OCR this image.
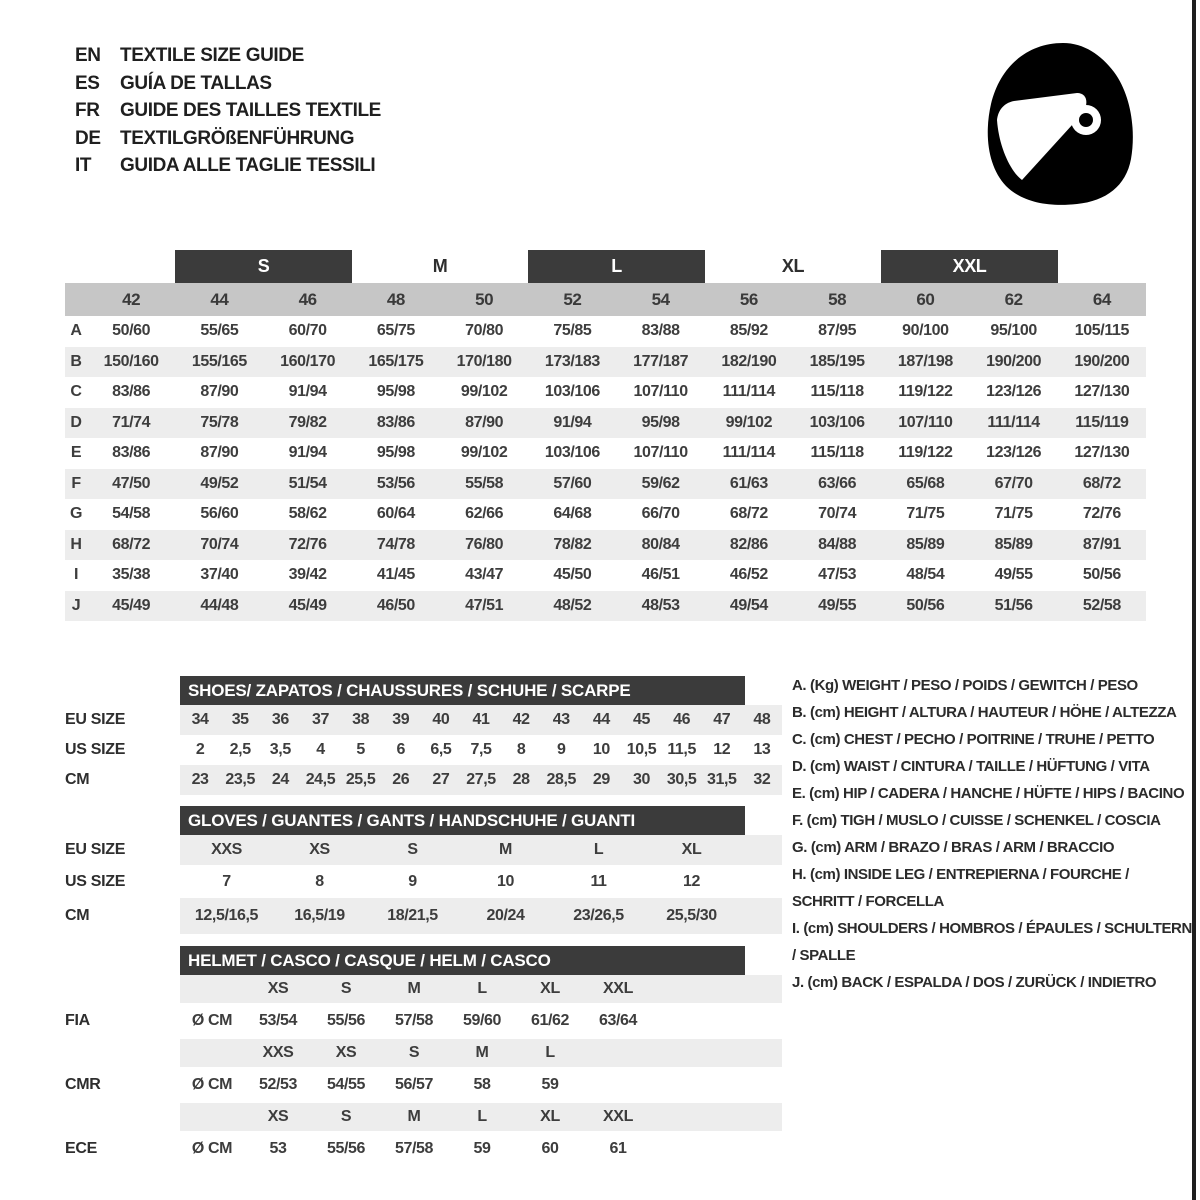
EN	TEXTILE SIZE GUIDE
ES	GUÍA DE TALLAS
FR	GUIDE DES TAILLES TEXTILE
DE	TEXTILGRÖßENFÜHRUNG
IT	GUIDA ALLE TAGLIE TESSILI
		S		M		L		XL		XXL		
	42	44	46	48	50	52	54	56	58	60	62	64
A	50/60	55/65	60/70	65/75	70/80	75/85	83/88	85/92	87/95	90/100	95/100	105/115
B	150/160	155/165	160/170	165/175	170/180	173/183	177/187	182/190	185/195	187/198	190/200	190/200
C	83/86	87/90	91/94	95/98	99/102	103/106	107/110	111/114	115/118	119/122	123/126	127/130
D	71/74	75/78	79/82	83/86	87/90	91/94	95/98	99/102	103/106	107/110	111/114	115/119
E	83/86	87/90	91/94	95/98	99/102	103/106	107/110	111/114	115/118	119/122	123/126	127/130
F	47/50	49/52	51/54	53/56	55/58	57/60	59/62	61/63	63/66	65/68	67/70	68/72
G	54/58	56/60	58/62	60/64	62/66	64/68	66/70	68/72	70/74	71/75	71/75	72/76
H	68/72	70/74	72/76	74/78	76/80	78/82	80/84	82/86	84/88	85/89	85/89	87/91
I	35/38	37/40	39/42	41/45	43/47	45/50	46/51	46/52	47/53	48/54	49/55	50/56
J	45/49	44/48	45/49	46/50	47/51	48/52	48/53	49/54	49/55	50/56	51/56	52/58
SHOES/ ZAPATOS / CHAUSSURES / SCHUHE / SCARPE
EU SIZE	34	35	36	37	38	39	40	41	42	43	44	45	46	47	48
US SIZE	2	2,5	3,5	4	5	6	6,5	7,5	8	9	10	10,5 11,5	12	13
CM	23	23,5	24	24,5 25,5	26	27	27,5	28	28,5	29	30	30,5 31,5	32
GLOVES / GUANTES / GANTS / HANDSCHUHE / GUANTI
EU SIZE	XXS	XS	S	M	L	XL
US SIZE	7	8	9	10	11	12
CM	12,5/16,5	16,5/19	18/21,5	20/24	23/26,5	25,5/30
HELMET / CASCO / CASQUE / HELM / CASCO
XS	S	M	L	XL	XXL
FIA	Ø CM	53/54	55/56	57/58	59/60	61/62	63/64
XXS	XS	S	M	L
CMR	Ø CM	52/53	54/55	56/57	58	59
XS	S	M	L	XL	XXL
ECE	Ø CM	53	55/56	57/58	59	60	61
A. (Kg) WEIGHT / PESO / POIDS / GEWITCH / PESO
B. (cm) HEIGHT / ALTURA / HAUTEUR / HÖHE / ALTEZZA
C. (cm) CHEST / PECHO / POITRINE / TRUHE / PETTO
D. (cm) WAIST / CINTURA / TAILLE / HÜFTUNG / VITA
E. (cm) HIP / CADERA / HANCHE / HÜFTE / HIPS / BACINO
F. (cm) TIGH / MUSLO / CUISSE / SCHENKEL / COSCIA
G. (cm) ARM / BRAZO / BRAS / ARM / BRACCIO
H. (cm) INSIDE LEG / ENTREPIERNA / FOURCHE / SCHRITT / FORCELLA
I. (cm) SHOULDERS / HOMBROS / ÉPAULES / SCHULTERN / SPALLE
J. (cm) BACK / ESPALDA / DOS / ZURÜCK / INDIETRO
